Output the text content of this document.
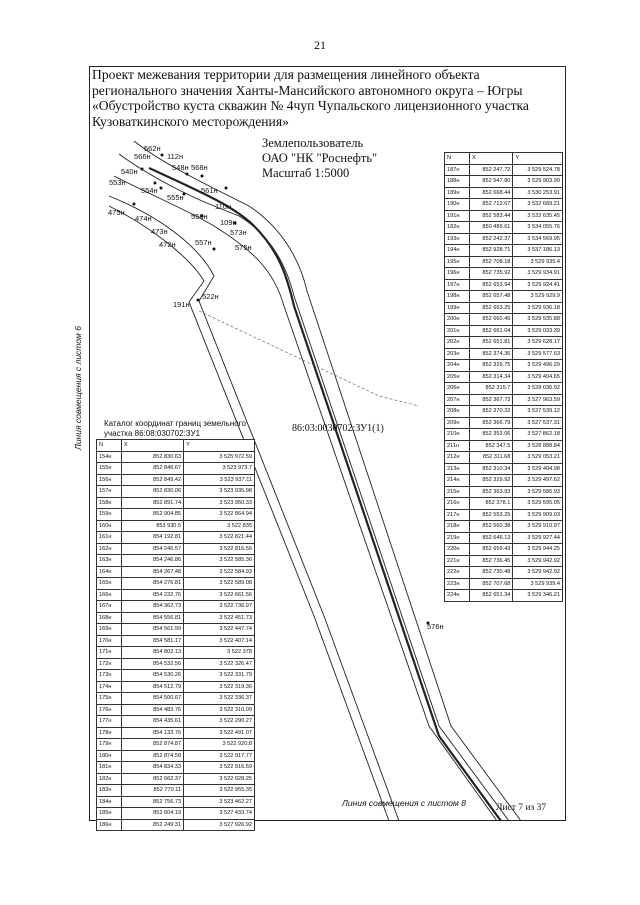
21
566н
562н
112н
548н 568н
540н
553н
554н
555н
561н
110н
475н
474н	556н
109н
473н	573н
472н	557н
575н
191н
522н
576н
86:03:0030702:ЗУ1(1)
Проект межевания территории для размещения линейного объекта регионального значения Ханты-Мансийского автономного округа – Югры «Обустройство куста скважин № 4чуп Чупальского лицензионного участка Кузоваткинского месторождения»
Землепользователь
ОАО "НК "Роснефть"
Масштаб 1:5000
Линия совмещения с листом 6
Линия совмещения с листом 8	Лист 7 из 37
Каталог координат границ земельного участка 86:08:030702:ЗУ1
N	X	Y
154н	852 830.63	3 525 972.59
155н	852 846.67	3 523 973.7
156н	852 849.42	3 523 937.11
157н	852 830.06	3 523 935.98
158н	852 891.74	3 523 950.33
159н	852 904.85	3 522 864.94
160н	853 930.5	3 522 835
161н	854 192.81	3 522 821.44
162н	854 246.57	3 522 816.56
163н	854 246.86	3 522 585.36
164н	854 267.48	3 522 584.93
165н	854 276.81	3 522 589.08
166н	854 232.76	3 522 661.56
167н	854 362.73	3 522 736.97
168н	854 556.81	3 522 451.73
169н	854 561.99	3 522 447.74
170н	854 581.17	3 522 407.14
171н	854 802.13	3 522 378
172н	854 532.56	3 522 326.47
173н	854 530.26	3 522 331.79
174н	854 512.79	3 522 319.36
175н	854 500.67	3 522 336.37
176н	854 483.76	3 522 310.09
177н	854 435.61	3 522 290.27
178н	854 133.76	3 522 491.07
179н	852 874.87	3 522 920.8
180н	852 874.58	3 522 917.77
181н	854 834.33	3 522 916.59
182н	852 662.37	3 522 928.25
183н	852 770.11	3 522 955.35
184н	852 756.73	3 523 462.27
185н	852 604.19	3 527 433.74
186н	852 249.31	3 527 926.92
N	X	Y
187н	852 247.72	3 529 524.78
188н	852 547.80	3 529 903.99
189н	852 668.44	3 530 253.91
190н	852 712.67	3 532 689.21
191н	852 583.44	3 532 635.45
182н	850 489.61	3 534 055.76
193н	852 242.37	3 534 569.95
194н	852 928.71	3 537 186.13
195н	852 708.18	3 529 935.4
196н	852 735.92	3 529 934.91
197н	852 653.94	3 529 924.41
198н	852 657.48	3 529 929.9
199н	852 663.25	3 529 936.18
200н	852 660.46	3 529 935.88
201н	852 661.04	3 529 033.39
202н	852 651.81	3 529 628.17
203н	852 374.36	3 529 577.63
204н	852 329.75	3 529 496.29
205н	852 314.34	3 529 404.65
206н	852 315.7	3 528 036.92
207н	852 367.73	3 527 963.59
208н	852 370.32	3 527 539.12
209н	852 366.79	3 527 537.31
210н	852 353.06	3 527 862.18
211н	852 347.5	3 528 888.84
212н	852 311.68	3 529 053.21
213н	852 310.34	3 529 404.98
214н	852 329.92	3 529 497.62
215н	852 363.93	3 529 586.93
216н	852 378.1	3 529 595.05
217н	852 553.25	3 529 909.03
218н	852 560.38	3 529 910.97
219н	852 646.13	3 529 927.44
220н	852 659.43	3 529 944.25
221н	852 736.45	3 529 942.92
222н	852 730.48	3 529 942.92
223н	852 707.68	3 529 939.4
224н	852 651.34	3 529 346.21
